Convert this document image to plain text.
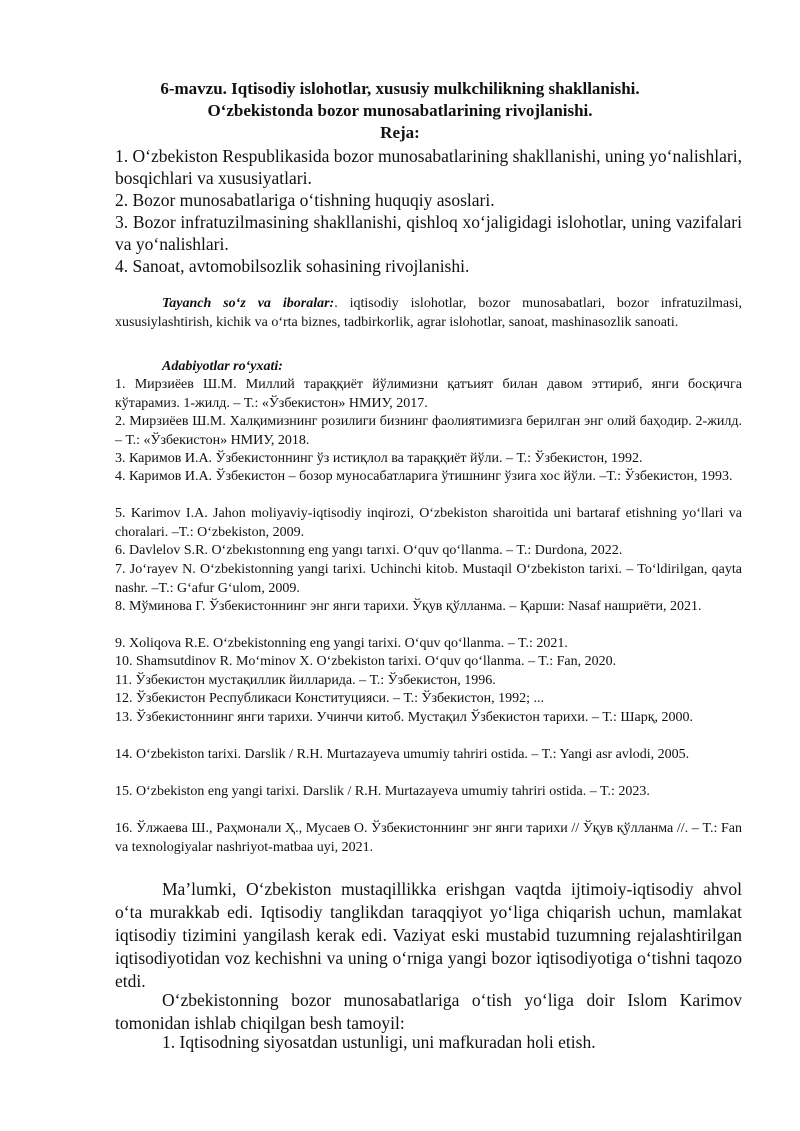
6-mavzu. Iqtisodiy islohotlar, xususiy mulkchilikning shakllanishi.

O‘zbekistonda bozor munosabatlarining rivojlanishi.

Reja:

1. O‘zbekiston Respublikasida bozor munosabatlarining shakllanishi, uning yo‘nalishlari, bosqichlari va xususiyatlari.

2. Bozor munosabatlariga o‘tishning huquqiy asoslari.

3. Bozor infratuzilmasining shakllanishi, qishloq xo‘jaligidagi islohotlar, uning vazifalari va yo‘nalishlari.

4. Sanoat, avtomobilsozlik sohasining rivojlanishi.

Tayanch so‘z va iboralar:. iqtisodiy islohotlar, bozor munosabatlari, bozor infratuzilmasi, xususiylashtirish, kichik va o‘rta biznes, tadbirkorlik, agrar islohotlar, sanoat, mashinasozlik sanoati.

Adabiyotlar ro‘yxati:

1. Мирзиёев Ш.М. Миллий тараққиёт йўлимизни қатъият билан давом эттириб, янги босқичга кўтарамиз. 1-жилд. – Т.: «Ўзбекистон» НМИУ, 2017.

2. Мирзиёев Ш.М. Халқимизнинг розилиги бизнинг фаолиятимизга берилган энг олий баҳодир. 2-жилд. – Т.: «Ўзбекистон» НМИУ, 2018.

3. Каримов И.А. Ўзбекистоннинг ўз истиқлол ва тараққиёт йўли. – Т.: Ўзбекистон, 1992.

4. Каримов И.А. Ўзбекистон – бозор муносабатларига ўтишнинг ўзига хос йўли. –Т.: Ўзбекистон, 1993.

5. Karimov I.A. Jahon moliyaviy-iqtisodiy inqirozi, O‘zbekiston sharoitida uni bartaraf etishning yo‘llari va choralari. –T.: O‘zbekiston, 2009.

6. Davlelov S.R. O‘zbekıstonnıng eng yangı tarıxi. O‘quv qo‘llanma. – T.: Durdona, 2022.

7. Jo‘rayev N. O‘zbekistonning yangi tarixi. Uchinchi kitob. Mustaqil O‘zbekiston tarixi. – To‘ldirilgan, qayta nashr. –T.: G‘afur G‘ulom, 2009.

8. Мўминова Г. Ўзбекистоннинг энг янги тарихи. Ўқув қўлланма. – Қарши: Nasaf нашриёти, 2021.

9. Xoliqova R.E. O‘zbekistonning eng yangi tarixi. O‘quv qo‘llanma. – T.: 2021.

10. Shamsutdinov R. Mo‘minov X. O‘zbekiston tarixi. O‘quv qo‘llanma. – T.: Fan, 2020.

11. Ўзбекистон мустақиллик йилларида. – Т.: Ўзбекистон, 1996.

12. Ўзбекистон Республикаси Конституцияси. – Т.: Ўзбекистон, 1992; ...

13. Ўзбекистоннинг янги тарихи. Учинчи китоб. Мустақил Ўзбекистон тарихи. – Т.: Шарқ, 2000.

14. O‘zbekiston tarixi. Darslik / R.H. Murtazayeva umumiy tahriri ostida. – T.: Yangi asr avlodi, 2005.

15. O‘zbekiston eng yangi tarixi. Darslik / R.H. Murtazayeva umumiy tahriri ostida. – T.: 2023.

16. Ўлжаева Ш., Раҳмонали Ҳ., Мусаев О. Ўзбекистоннинг энг янги тарихи // Ўқув қўлланма //. – T.: Fan va texnologiyalar nashriyot-matbaa uyi, 2021.

Ma’lumki, O‘zbekiston mustaqillikka erishgan vaqtda ijtimoiy-iqtisodiy ahvol o‘ta murakkab edi. Iqtisodiy tanglikdan taraqqiyot yo‘liga chiqarish uchun, mamlakat iqtisodiy tizimini yangilash kerak edi. Vaziyat eski mustabid tuzumning rejalashtirilgan iqtisodiyotidan voz kechishni va uning o‘rniga yangi bozor iqtisodiyotiga o‘tishni taqozo etdi.

O‘zbekistonning bozor munosabatlariga o‘tish yo‘liga doir Islom Karimov tomonidan ishlab chiqilgan besh tamoyil:

1. Iqtisodning siyosatdan ustunligi, uni mafkuradan holi etish.
